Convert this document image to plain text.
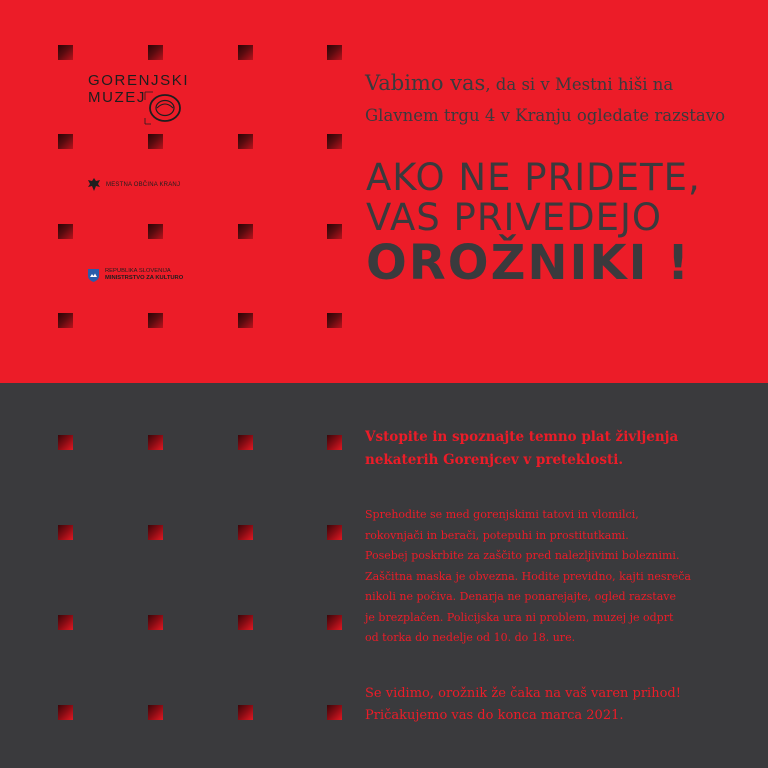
GORENJSKI
MUZEJ
MESTNA OBČINA KRANJ
REPUBLIKA SLOVENIJA
MINISTRSTVO ZA KULTURO
Vabimo vas, da si v Mestni hiši na
Glavnem trgu 4 v Kranju ogledate razstavo
AKO NE PRIDETE,
VAS PRIVEDEJO
OROŽNIKI !
Vstopite in spoznajte temno plat življenja
nekaterih Gorenjcev v preteklosti.
Sprehodite se med gorenjskimi tatovi in vlomilci,
rokovnjači in berači, potepuhi in prostitutkami.
Posebej poskrbite za zaščito pred nalezljivimi boleznimi.
Zaščitna maska je obvezna. Hodite previdno, kajti nesreča
nikoli ne počiva. Denarja ne ponarejajte, ogled razstave
je brezplačen. Policijska ura ni problem, muzej je odprt
od torka do nedelje od 10. do 18. ure.
Se vidimo, orožnik že čaka na vaš varen prihod!
Pričakujemo vas do konca marca 2021.
